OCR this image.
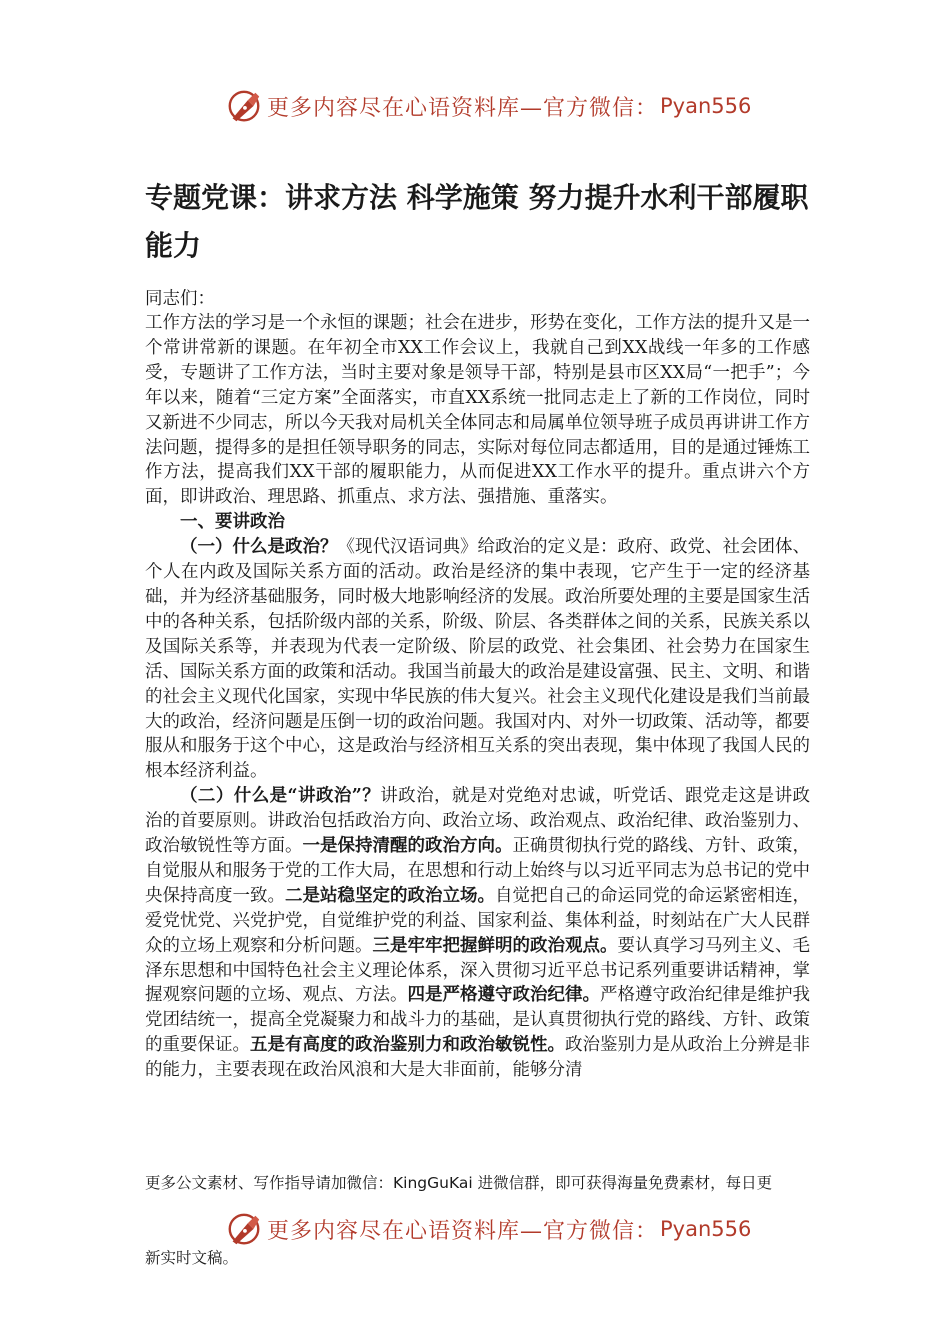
更多内容尽在心语资料库—官方微信： Pyan556
专题党课：讲求方法 科学施策 努力提升水利干部履职能力
同志们：

工作方法的学习是一个永恒的课题；社会在进步，形势在变化，工作方法的提升又是一个常讲常新的课题。在年初全市XX工作会议上，我就自己到XX战线一年多的工作感受，专题讲了工作方法，当时主要对象是领导干部，特别是县市区XX局“一把手”；今年以来，随着“三定方案”全面落实，市直XX系统一批同志走上了新的工作岗位，同时又新进不少同志，所以今天我对局机关全体同志和局属单位领导班子成员再讲讲工作方法问题，提得多的是担任领导职务的同志，实际对每位同志都适用，目的是通过锤炼工作方法，提高我们XX干部的履职能力，从而促进XX工作水平的提升。重点讲六个方面，即讲政治、理思路、抓重点、求方法、强措施、重落实。

一、要讲政治

（一）什么是政治？《现代汉语词典》给政治的定义是：政府、政党、社会团体、个人在内政及国际关系方面的活动。政治是经济的集中表现，它产生于一定的经济基础，并为经济基础服务，同时极大地影响经济的发展。政治所要处理的主要是国家生活中的各种关系，包括阶级内部的关系，阶级、阶层、各类群体之间的关系，民族关系以及国际关系等，并表现为代表一定阶级、阶层的政党、社会集团、社会势力在国家生活、国际关系方面的政策和活动。我国当前最大的政治是建设富强、民主、文明、和谐的社会主义现代化国家，实现中华民族的伟大复兴。社会主义现代化建设是我们当前最大的政治，经济问题是压倒一切的政治问题。我国对内、对外一切政策、活动等，都要服从和服务于这个中心，这是政治与经济相互关系的突出表现，集中体现了我国人民的根本经济利益。

（二）什么是“讲政治”？讲政治，就是对党绝对忠诚，听党话、跟党走这是讲政治的首要原则。讲政治包括政治方向、政治立场、政治观点、政治纪律、政治鉴别力、政治敏锐性等方面。一是保持清醒的政治方向。正确贯彻执行党的路线、方针、政策，自觉服从和服务于党的工作大局，在思想和行动上始终与以习近平同志为总书记的党中央保持高度一致。二是站稳坚定的政治立场。自觉把自己的命运同党的命运紧密相连，爱党忧党、兴党护党，自觉维护党的利益、国家利益、集体利益，时刻站在广大人民群众的立场上观察和分析问题。三是牢牢把握鲜明的政治观点。要认真学习马列主义、毛泽东思想和中国特色社会主义理论体系，深入贯彻习近平总书记系列重要讲话精神，掌握观察问题的立场、观点、方法。四是严格遵守政治纪律。严格遵守政治纪律是维护我党团结统一，提高全党凝聚力和战斗力的基础，是认真贯彻执行党的路线、方针、政策的重要保证。五是有高度的政治鉴别力和政治敏锐性。政治鉴别力是从政治上分辨是非的能力，主要表现在政治风浪和大是大非面前，能够分清

更多公文素材、写作指导请加微信：KingGuKai 进微信群，即可获得海量免费素材，每日更
更多内容尽在心语资料库—官方微信： Pyan556
新实时文稿。
